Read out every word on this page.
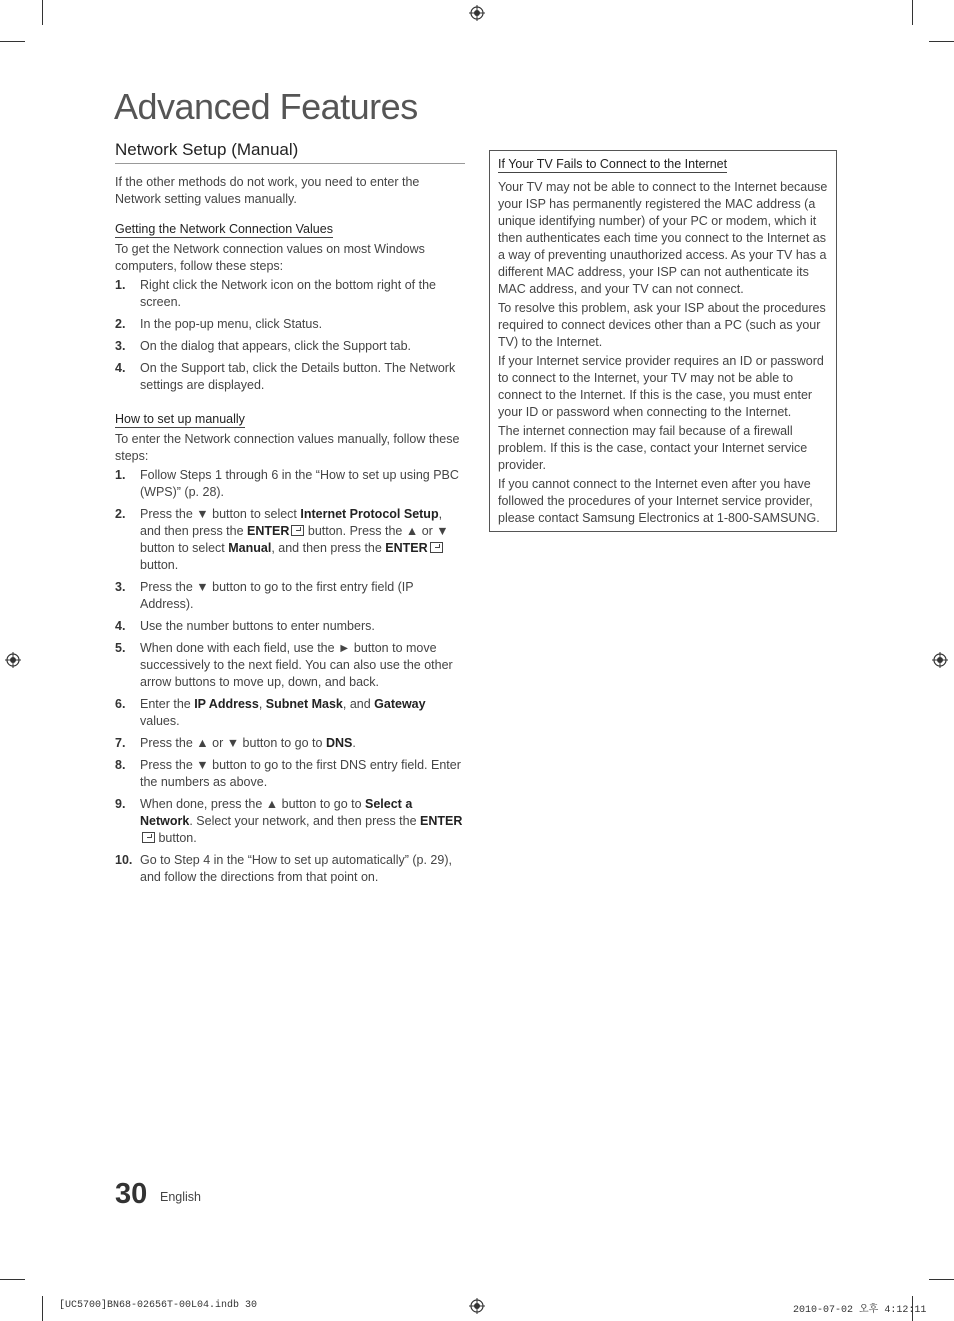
Advanced Features
Network Setup (Manual)

If the other methods do not work, you need to enter the Network setting values manually.

Getting the Network Connection Values

To get the Network connection values on most Windows computers, follow these steps:

1.	Right click the Network icon on the bottom right of the screen.
2.	In the pop-up menu, click Status.
3.	On the dialog that appears, click the Support tab.
4.	On the Support tab, click the Details button. The Network settings are displayed.
How to set up manually

To enter the Network connection values manually, follow these steps:

1.	Follow Steps 1 through 6 in the “How to set up using PBC (WPS)” (p. 28).
2.	Press the ▼ button to select Internet Protocol Setup, and then press the ENTER button. Press the ▲ or ▼ button to select Manual, and then press the ENTER button.
3.	Press the ▼ button to go to the first entry field (IP Address).
4.	Use the number buttons to enter numbers.
5.	When done with each field, use the ► button to move successively to the next field. You can also use the other arrow buttons to move up, down, and back.
6.	Enter the IP Address, Subnet Mask, and Gateway values.
7.	Press the ▲ or ▼ button to go to DNS.
8.	Press the ▼ button to go to the first DNS entry field. Enter the numbers as above.
9.	When done, press the ▲ button to go to Select a Network. Select your network, and then press the ENTER button.
10. Go to Step 4 in the “How to set up automatically” (p. 29), and follow the directions from that point on.
If Your TV Fails to Connect to the Internet

Your TV may not be able to connect to the Internet because your ISP has permanently registered the MAC address (a unique identifying number) of your PC or modem, which it then authenticates each time you connect to the Internet as a way of preventing unauthorized access. As your TV has a different MAC address, your ISP can not authenticate its MAC address, and your TV can not connect.

To resolve this problem, ask your ISP about the procedures required to connect devices other than a PC (such as your TV) to the Internet.

If your Internet service provider requires an ID or password to connect to the Internet, your TV may not be able to connect to the Internet. If this is the case, you must enter your ID or password when connecting to the Internet.

The internet connection may fail because of a firewall problem. If this is the case, contact your Internet service provider.

If you cannot connect to the Internet even after you have followed the procedures of your Internet service provider, please contact Samsung Electronics at 1-800-SAMSUNG.

30 English
[UC5700]BN68-02656T-00L04.indb 30	2010-07-02 오후 4:12:11
